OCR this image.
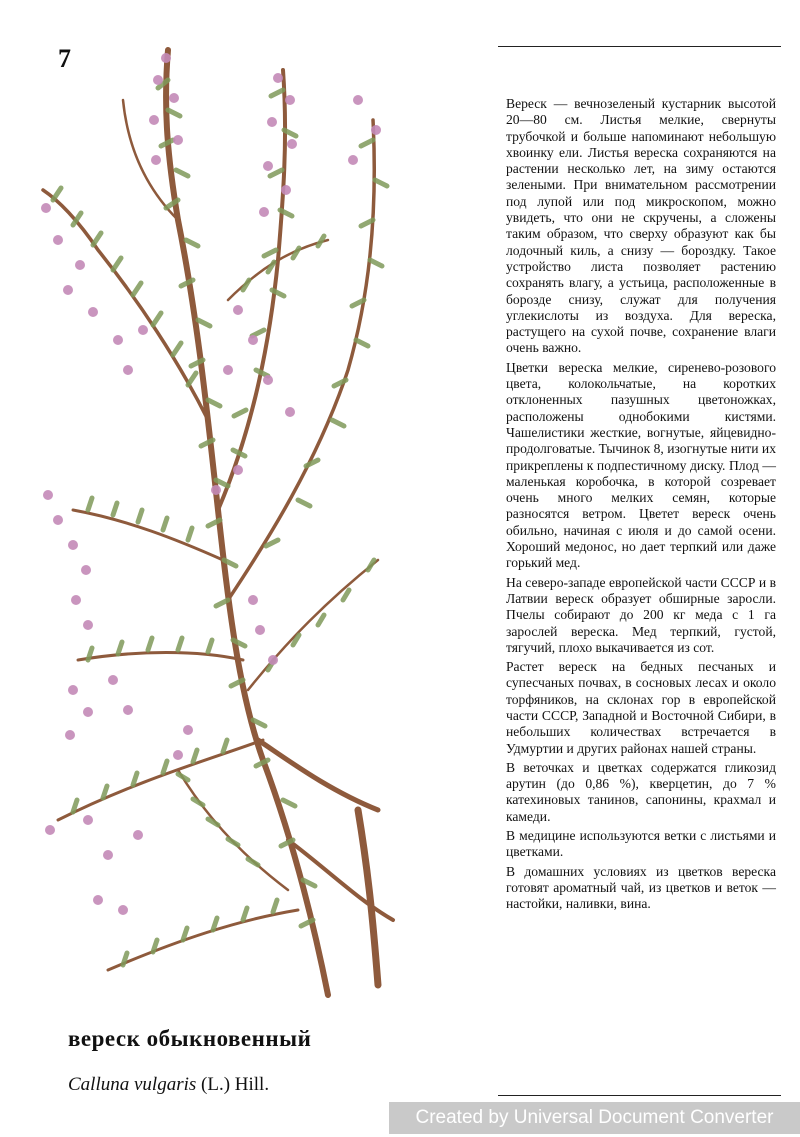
7

Вереск — вечнозеленый кустарник высотой 20—80 см. Листья мелкие, свернуты трубочкой и больше напоминают небольшую хвоинку ели. Листья вереска сохраняются на растении несколько лет, на зиму остаются зелеными. При внимательном рассмотрении под лупой или под микроскопом, можно увидеть, что они не скручены, а сложены таким образом, что сверху образуют как бы лодочный киль, а снизу — бороздку. Такое устройство листа позволяет растению сохранять влагу, а устьица, расположенные в борозде снизу, служат для получения углекислоты из воздуха. Для вереска, растущего на сухой почве, сохранение влаги очень важно.

Цветки вереска мелкие, сиренево-розового цвета, колокольчатые, на коротких отклоненных пазушных цветоножках, расположены однобокими кистями. Чашелистики жесткие, вогнутые, яйцевидно-продолговатые. Тычинок 8, изогнутые нити их прикреплены к подпестичному диску. Плод — маленькая коробочка, в которой созревает очень много мелких семян, которые разносятся ветром. Цветет вереск очень обильно, начиная с июля и до самой осени. Хороший медонос, но дает терпкий или даже горький мед.

На северо-западе европейской части СССР и в Латвии вереск образует обширные заросли. Пчелы собирают до 200 кг меда с 1 га зарослей вереска. Мед терпкий, густой, тягучий, плохо выкачивается из сот.

Растет вереск на бедных песчаных и супесчаных почвах, в сосновых лесах и около торфяников, на склонах гор в европейской части СССР, Западной и Восточной Сибири, в небольших количествах встречается в Удмуртии и других районах нашей страны.

В веточках и цветках содержатся гликозид арутин (до 0,86 %), кверцетин, до 7 % катехиновых танинов, сапонины, крахмал и камеди.

В медицине используются ветки с листьями и цветками.

В домашних условиях из цветков вереска готовят ароматный чай, из цветков и веток — настойки, наливки, вина.

вереск обыкновенный
Calluna vulgaris (L.) Hill.
Created by Universal Document Converter
